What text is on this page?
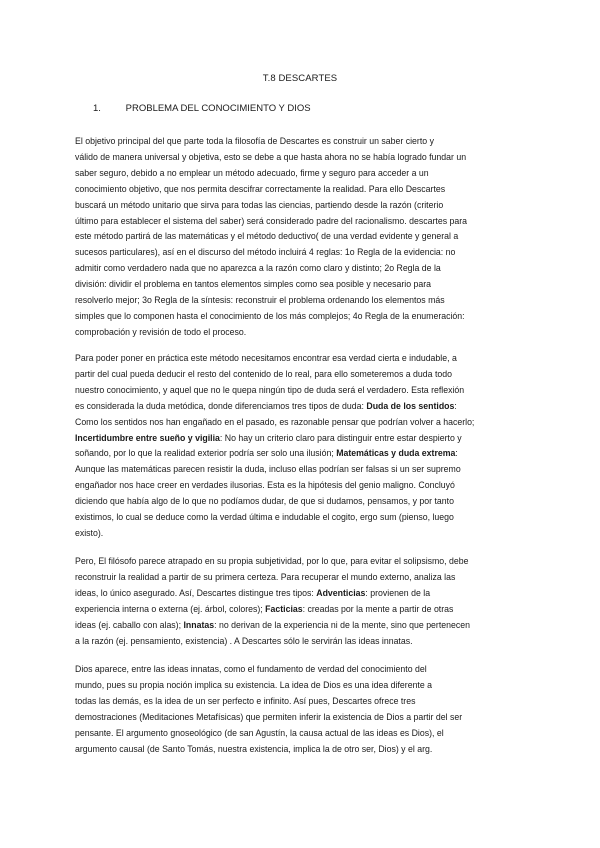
T.8 DESCARTES
1.	PROBLEMA DEL CONOCIMIENTO Y DIOS

El objetivo principal del que parte toda la filosofía de Descartes es construir un saber cierto y
válido de manera universal y objetiva, esto se debe a que hasta ahora no se había logrado fundar un
saber seguro, debido a no emplear un método adecuado, firme y seguro para acceder a un
conocimiento objetivo, que nos permita descifrar correctamente la realidad. Para ello Descartes
buscará un método unitario que sirva para todas las ciencias, partiendo desde la razón (criterio
último para establecer el sistema del saber) será considerado padre del racionalismo. descartes para
este método partirá de las matemáticas y el método deductivo( de una verdad evidente y general a
sucesos particulares), así en el discurso del método incluirá 4 reglas: 1o Regla de la evidencia: no
admitir como verdadero nada que no aparezca a la razón como claro y distinto; 2o Regla de la
división: dividir el problema en tantos elementos simples como sea posible y necesario para
resolverlo mejor; 3o Regla de la síntesis: reconstruir el problema ordenando los elementos más
simples que lo componen hasta el conocimiento de los más complejos; 4o Regla de la enumeración:
comprobación y revisión de todo el proceso.

Para poder poner en práctica este método necesitamos encontrar esa verdad cierta e indudable, a
partir del cual pueda deducir el resto del contenido de lo real, para ello someteremos a duda todo
nuestro conocimiento, y aquel que no le quepa ningún tipo de duda será el verdadero. Esta reflexión
es considerada la duda metódica, donde diferenciamos tres tipos de duda: Duda de los sentidos:
Como los sentidos nos han engañado en el pasado, es razonable pensar que podrían volver a hacerlo;
Incertidumbre entre sueño y vigilia: No hay un criterio claro para distinguir entre estar despierto y
soñando, por lo que la realidad exterior podría ser solo una ilusión; Matemáticas y duda extrema:
Aunque las matemáticas parecen resistir la duda, incluso ellas podrían ser falsas si un ser supremo
engañador nos hace creer en verdades ilusorias. Esta es la hipótesis del genio maligno. Concluyó
diciendo que había algo de lo que no podíamos dudar, de que si dudamos, pensamos, y por tanto
existimos, lo cual se deduce como la verdad última e indudable el cogito, ergo sum (pienso, luego
existo).

Pero, El filósofo parece atrapado en su propia subjetividad, por lo que, para evitar el solipsismo, debe
reconstruir la realidad a partir de su primera certeza. Para recuperar el mundo externo, analiza las
ideas, lo único asegurado. Así, Descartes distingue tres tipos: Adventicias: provienen de la
experiencia interna o externa (ej. árbol, colores); Facticias: creadas por la mente a partir de otras
ideas (ej. caballo con alas); Innatas: no derivan de la experiencia ni de la mente, sino que pertenecen
a la razón (ej. pensamiento, existencia) . A Descartes sólo le servirán las ideas innatas.

Dios aparece, entre las ideas innatas, como el fundamento de verdad del conocimiento del
mundo, pues su propia noción implica su existencia. La idea de Dios es una idea diferente a
todas las demás, es la idea de un ser perfecto e infinito. Así pues, Descartes ofrece tres
demostraciones (Meditaciones Metafísicas) que permiten inferir la existencia de Dios a partir del ser
pensante. El argumento gnoseológico (de san Agustín, la causa actual de las ideas es Dios), el
argumento causal (de Santo Tomás, nuestra existencia, implica la de otro ser, Dios) y el arg.
